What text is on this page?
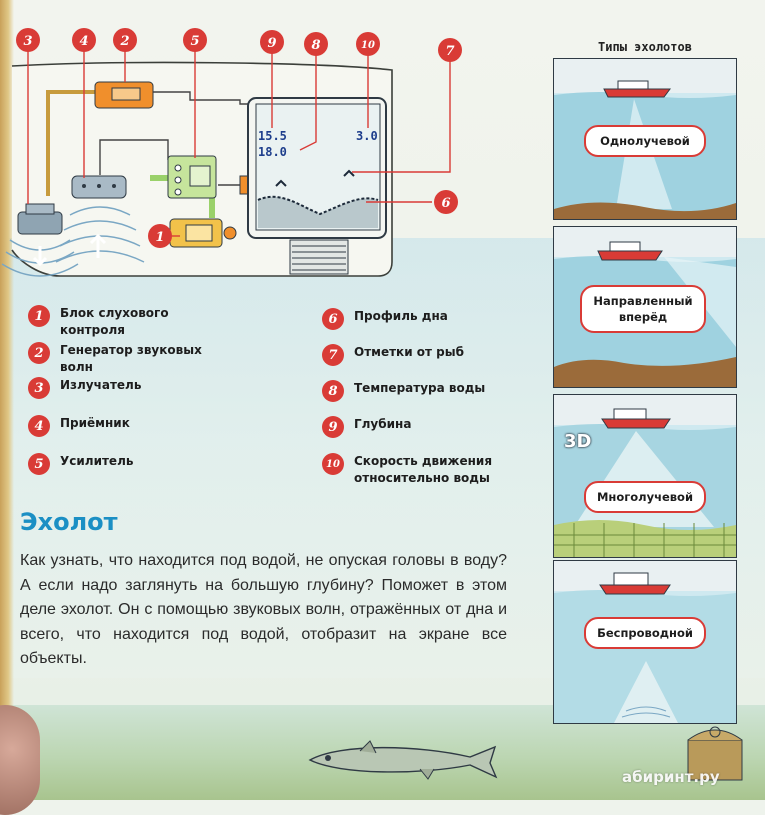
15.5
18.0
3.0
3	4 2	5	9	8	10	7
6
1
1	Блок слухового контроля
2	Генератор звуковых волн
3	Излучатель
4	Приёмник
5	Усилитель
6	Профиль дна
7	Отметки от рыб
8	Температура воды
9	Глубина
10	Скорость движения относительно воды
Эхолот
Как узнать, что находится под водой, не опуская головы в воду? А если надо заглянуть на большую глубину? Поможет в этом деле эхолот. Он с помощью звуковых волн, отражённых от дна и всего, что находится под водой, отобразит на экране все объекты.
Типы эхолотов
Однолучевой
Направленный вперёд
3D
Многолучевой
Беспроводной
абиринт.ру
